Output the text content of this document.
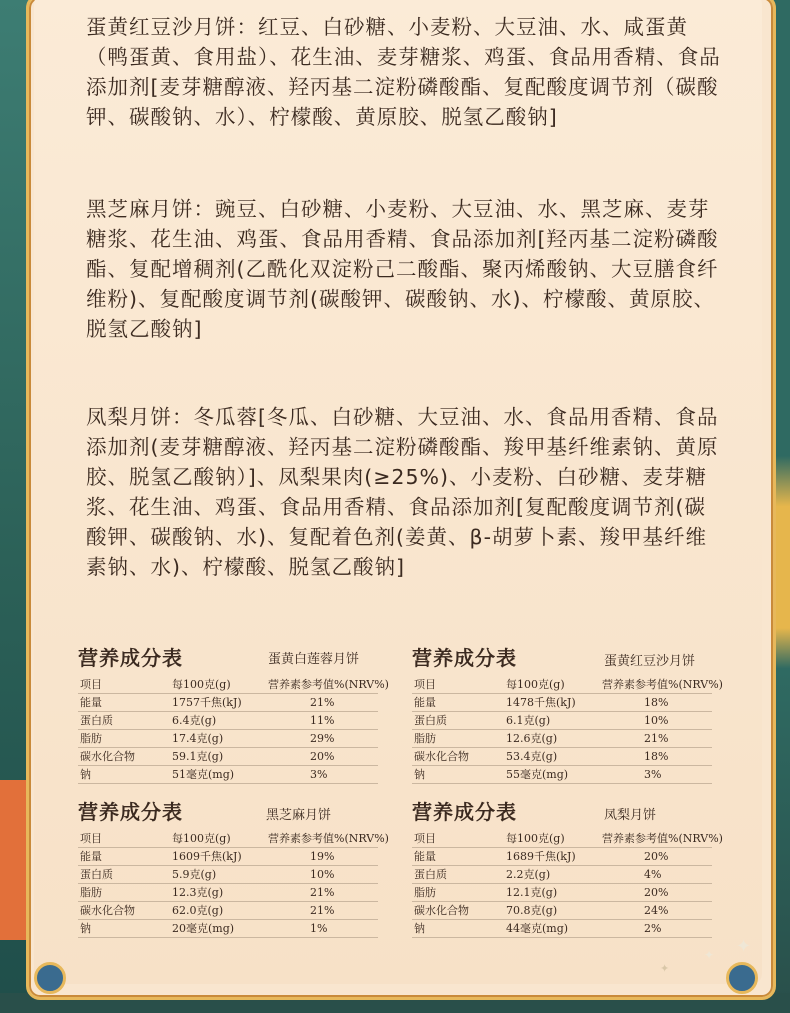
✦
✦
✦

蛋黄红豆沙月饼：红豆、白砂糖、小麦粉、大豆油、水、咸蛋黄（鸭蛋黄、食用盐）、花生油、麦芽糖浆、鸡蛋、食品用香精、食品添加剂[麦芽糖醇液、羟丙基二淀粉磷酸酯、复配酸度调节剂（碳酸钾、碳酸钠、水）、柠檬酸、黄原胶、脱氢乙酸钠]

黑芝麻月饼：豌豆、白砂糖、小麦粉、大豆油、水、黑芝麻、麦芽糖浆、花生油、鸡蛋、食品用香精、食品添加剂[羟丙基二淀粉磷酸酯、复配增稠剂(乙酰化双淀粉己二酸酯、聚丙烯酸钠、大豆膳食纤维粉)、复配酸度调节剂(碳酸钾、碳酸钠、水)、柠檬酸、黄原胶、脱氢乙酸钠]

凤梨月饼：冬瓜蓉[冬瓜、白砂糖、大豆油、水、食品用香精、食品添加剂(麦芽糖醇液、羟丙基二淀粉磷酸酯、羧甲基纤维素钠、黄原胶、脱氢乙酸钠）]、凤梨果肉(≥25%)、小麦粉、白砂糖、麦芽糖浆、花生油、鸡蛋、食品用香精、食品添加剂[复配酸度调节剂(碳酸钾、碳酸钠、水)、复配着色剂(姜黄、β-胡萝卜素、羧甲基纤维素钠、水)、柠檬酸、脱氢乙酸钠]

营养成分表	蛋黄白莲蓉月饼
项目	每100克(g)	营养素参考值%(NRV%)
能量	1757千焦(kJ)	21%
蛋白质	6.4克(g)	11%
脂肪	17.4克(g)	29%
碳水化合物	59.1克(g)	20%
钠	51毫克(mg)	3%
营养成分表	蛋黄红豆沙月饼
项目	每100克(g)	营养素参考值%(NRV%)
能量	1478千焦(kJ)	18%
蛋白质	6.1克(g)	10%
脂肪	12.6克(g)	21%
碳水化合物	53.4克(g)	18%
钠	55毫克(mg)	3%
营养成分表	黑芝麻月饼
项目	每100克(g)	营养素参考值%(NRV%)
能量	1609千焦(kJ)	19%
蛋白质	5.9克(g)	10%
脂肪	12.3克(g)	21%
碳水化合物	62.0克(g)	21%
钠	20毫克(mg)	1%
营养成分表	凤梨月饼
项目	每100克(g)	营养素参考值%(NRV%)
能量	1689千焦(kJ)	20%
蛋白质	2.2克(g)	4%
脂肪	12.1克(g)	20%
碳水化合物	70.8克(g)	24%
钠	44毫克(mg)	2%
